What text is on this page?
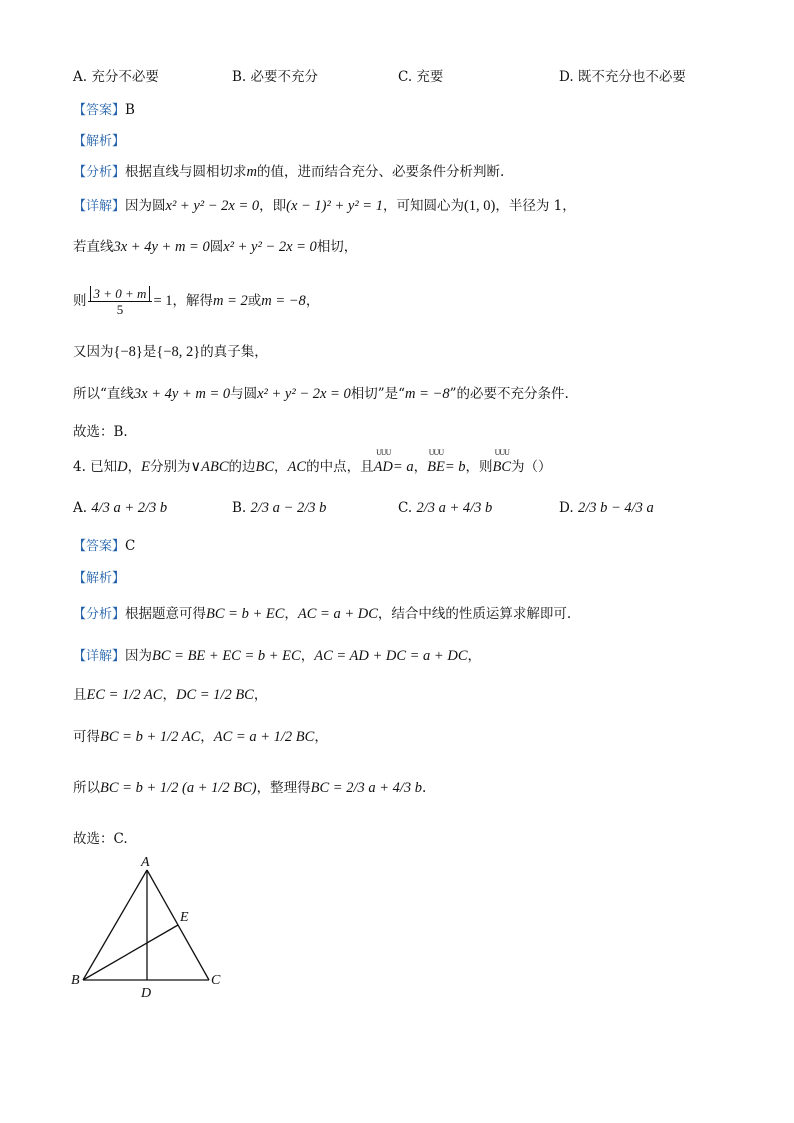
A. 充分不必要	B. 必要不充分	C. 充要	D. 既不充分也不必要
【答案】B
【解析】
【分析】根据直线与圆相切求m的值，进而结合充分、必要条件分析判断.
【详解】因为圆x² + y² − 2x = 0，即(x − 1)² + y² = 1，可知圆心为(1, 0)，半径为 1，
若直线3x + 4y + m = 0圆x² + y² − 2x = 0相切，
则 $\frac{3 + 0 + m}{5} = 1$，解得m = 2或m = −8，
又因为{−8}是{−8, 2}的真子集，
所以“直线3x + 4y + m = 0与圆x² + y² − 2x = 0相切”是“m = −8”的必要不充分条件.
故选：B.
4. 已知D，E分别为∨ABC的边BC，AC的中点，且UUU AD= a，UUU BE= b，则UUU BC为（）
A. 4/3 a + 2/3 b	B. 2/3 a − 2/3 b	C. 2/3 a + 4/3 b	D. 2/3 b − 4/3 a
【答案】C
【解析】
【分析】根据题意可得BC = b + EC，AC = a + DC，结合中线的性质运算求解即可.
【详解】因为BC = BE + EC = b + EC，AC = AD + DC = a + DC，
且EC = 1/2 AC，DC = 1/2 BC，
可得BC = b + 1/2 AC，AC = a + 1/2 BC，
所以BC = b + 1/2 (a + 1/2 BC)，整理得BC = 2/3 a + 4/3 b.
故选：C.
A
B	C
D
E
